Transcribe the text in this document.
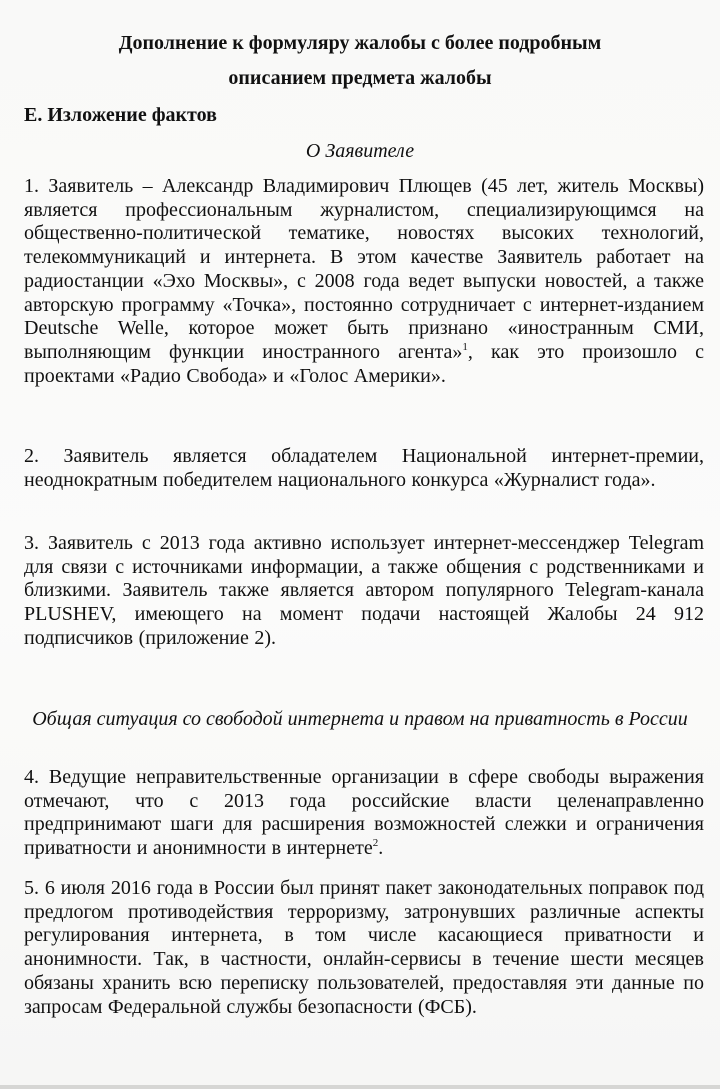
Дополнение к формуляру жалобы с более подробным
описанием предмета жалобы
E. Изложение фактов

О Заявителе

1. Заявитель – Александр Владимирович Плющев (45 лет, житель Москвы) является профессиональным журналистом, специализирующимся на общественно-политической тематике, новостях высоких технологий, телекоммуникаций и интернета. В этом качестве Заявитель работает на радиостанции «Эхо Москвы», с 2008 года ведет выпуски новостей, а также авторскую программу «Точка», постоянно сотрудничает с интернет-изданием Deutsche Welle, которое может быть признано «иностранным СМИ, выполняющим функции иностранного агента»$^1$, как это произошло с проектами «Радио Свобода» и «Голос Америки».

2. Заявитель является обладателем Национальной интернет-премии, неоднократным победителем национального конкурса «Журналист года».

3. Заявитель с 2013 года активно использует интернет-мессенджер Telegram для связи с источниками информации, а также общения с родственниками и близкими. Заявитель также является автором популярного Telegram-канала PLUSHEV, имеющего на момент подачи настоящей Жалобы 24 912 подписчиков (приложение 2).

Общая ситуация со свободой интернета и правом на приватность в России

4. Ведущие неправительственные организации в сфере свободы выражения отмечают, что с 2013 года российские власти целенаправленно предпринимают шаги для расширения возможностей слежки и ограничения приватности и анонимности в интернете$^2$.

5. 6 июля 2016 года в России был принят пакет законодательных поправок под предлогом противодействия терроризму, затронувших различные аспекты регулирования интернета, в том числе касающиеся приватности и анонимности. Так, в частности, онлайн-сервисы в течение шести месяцев обязаны хранить всю переписку пользователей, предоставляя эти данные по запросам Федеральной службы безопасности (ФСБ).
